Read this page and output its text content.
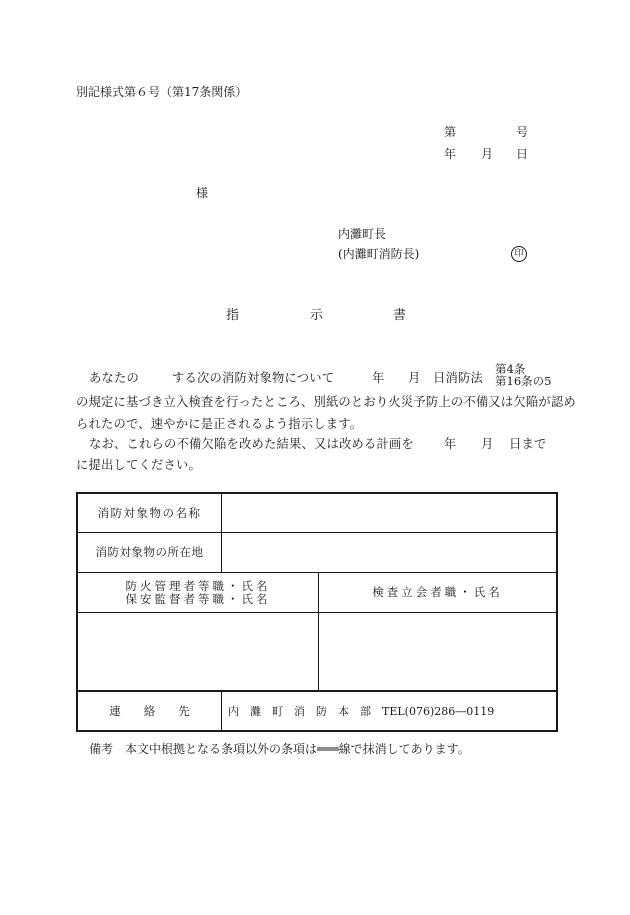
別記様式第６号（第17条関係）
第	号
年 月 日
様
内灘町長
(内灘町消防長)	印
指	示	書
あなたの	する次の消防対象物について	年 月 日消防法
第4条
第16条の5
の規定に基づき立入検査を行ったところ、別紙のとおり火災予防上の不備又は欠陥が認め
られたので、速やかに是正されるよう指示します。
なお、これらの不備欠陥を改めた結果、又は改める計画を 年 月 日まで
に提出してください。
消防対象物の名称
消防対象物の所在地
防火管理者等職・氏名
保安監督者等職・氏名	検査立会者職・氏名
連　　絡　　先	内　灘　町　消　防　本　部　TEL(076)286―0119
備考　本文中根拠となる条項以外の条項は═══線で抹消してあります。
